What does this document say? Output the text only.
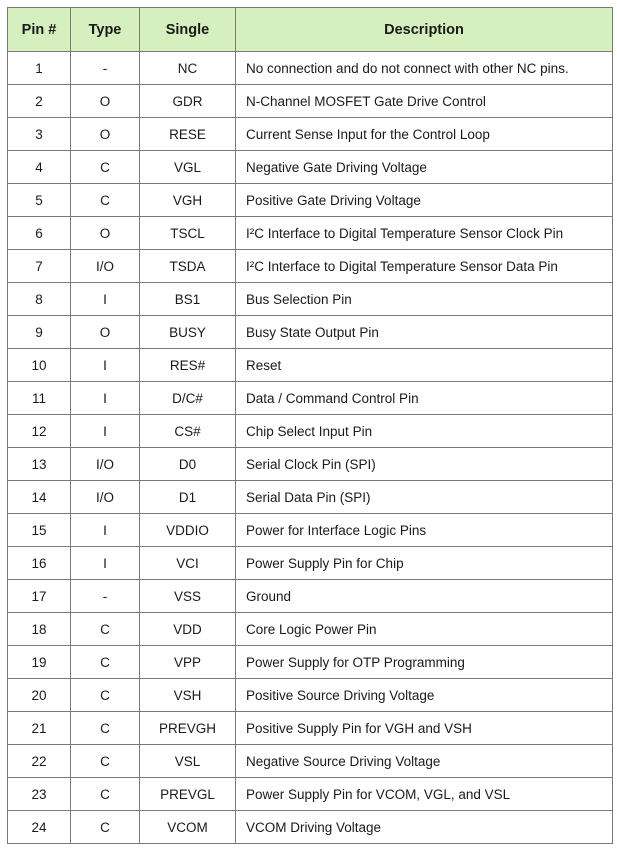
Pin #	Type	Single	Description
1	-	NC	No connection and do not connect with other NC pins.
2	O	GDR	N-Channel MOSFET Gate Drive Control
3	O	RESE	Current Sense Input for the Control Loop
4	C	VGL	Negative Gate Driving Voltage
5	C	VGH	Positive Gate Driving Voltage
6	O	TSCL	I²C Interface to Digital Temperature Sensor Clock Pin
7	I/O	TSDA	I²C Interface to Digital Temperature Sensor Data Pin
8	I	BS1	Bus Selection Pin
9	O	BUSY	Busy State Output Pin
10	I	RES#	Reset
11	I	D/C#	Data / Command Control Pin
12	I	CS#	Chip Select Input Pin
13	I/O	D0	Serial Clock Pin (SPI)
14	I/O	D1	Serial Data Pin (SPI)
15	I	VDDIO	Power for Interface Logic Pins
16	I	VCI	Power Supply Pin for Chip
17	-	VSS	Ground
18	C	VDD	Core Logic Power Pin
19	C	VPP	Power Supply for OTP Programming
20	C	VSH	Positive Source Driving Voltage
21	C	PREVGH	Positive Supply Pin for VGH and VSH
22	C	VSL	Negative Source Driving Voltage
23	C	PREVGL	Power Supply Pin for VCOM, VGL, and VSL
24	C	VCOM	VCOM Driving Voltage
